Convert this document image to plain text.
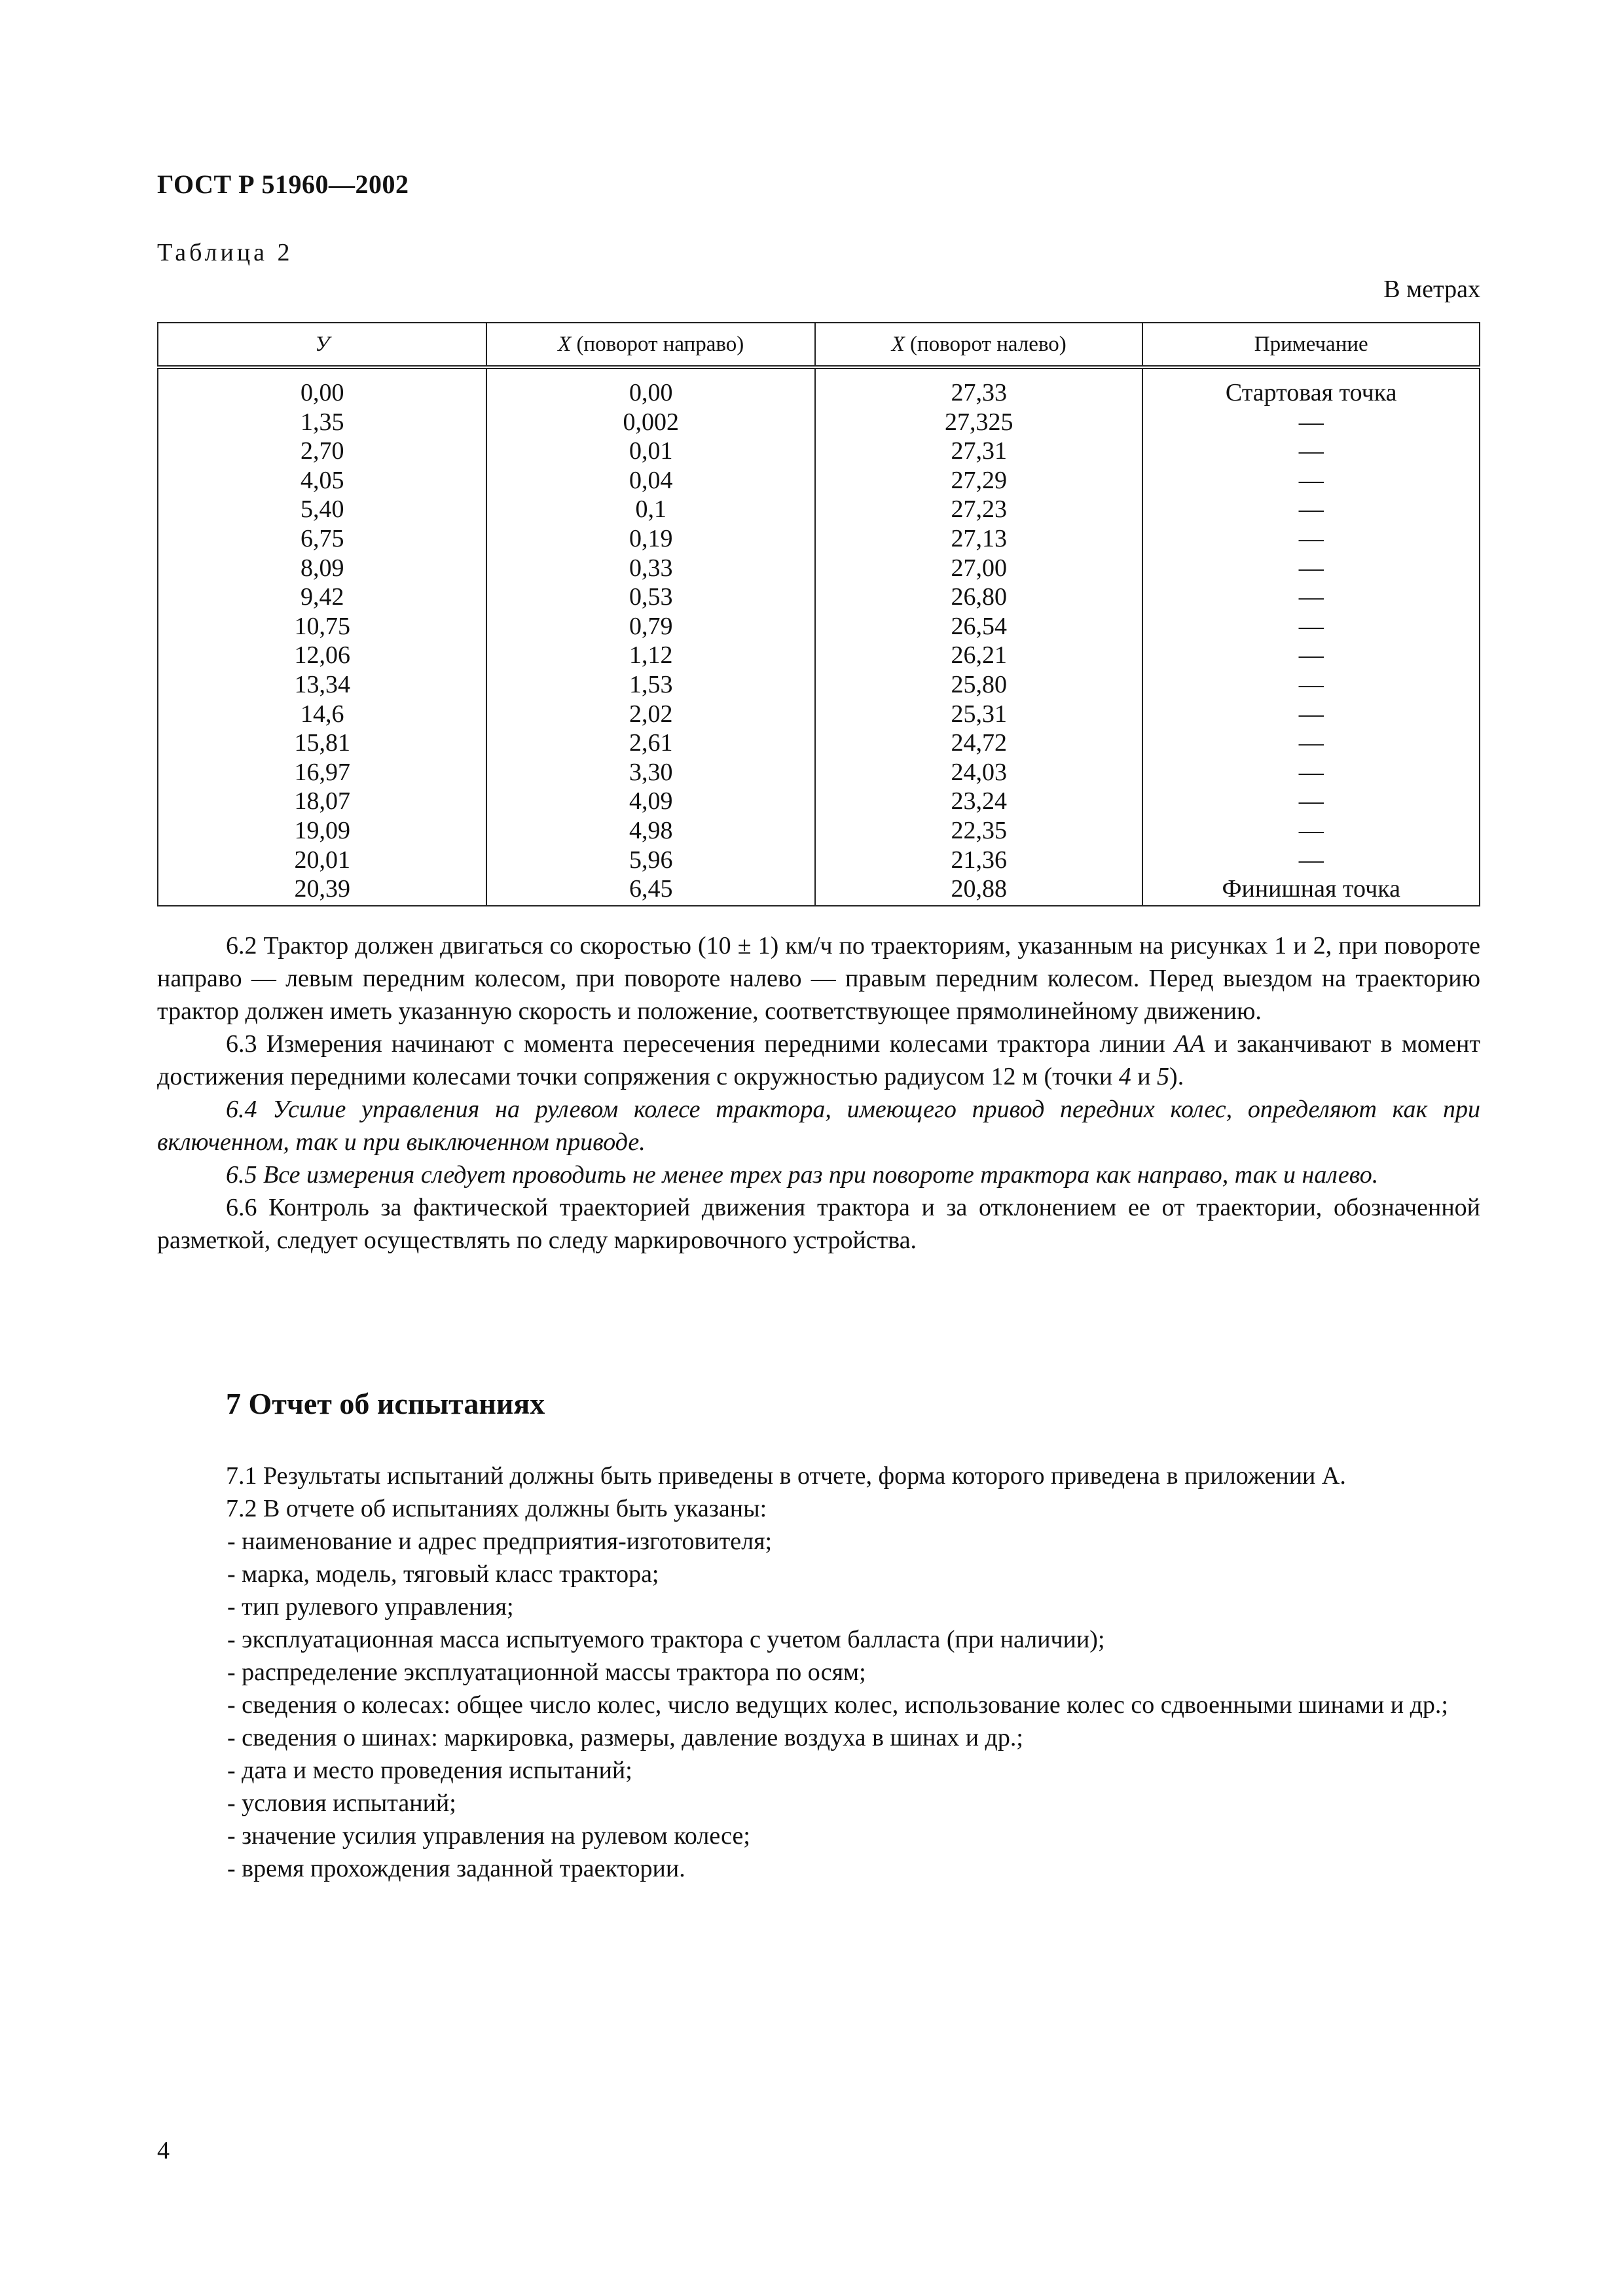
ГОСТ Р 51960—2002
Таблица 2
В метрах
У	X (поворот направо)	X (поворот налево)	Примечание
0,00	0,00	27,33	Стартовая точка
1,35	0,002	27,325	—
2,70	0,01	27,31	—
4,05	0,04	27,29	—
5,40	0,1	27,23	—
6,75	0,19	27,13	—
8,09	0,33	27,00	—
9,42	0,53	26,80	—
10,75	0,79	26,54	—
12,06	1,12	26,21	—
13,34	1,53	25,80	—
14,6	2,02	25,31	—
15,81	2,61	24,72	—
16,97	3,30	24,03	—
18,07	4,09	23,24	—
19,09	4,98	22,35	—
20,01	5,96	21,36	—
20,39	6,45	20,88	Финишная точка

6.2 Трактор должен двигаться со скоростью (10 ± 1) км/ч по траекториям, указанным на рисунках 1 и 2, при повороте направо — левым передним колесом, при повороте налево — правым передним колесом. Перед выездом на траекторию трактор должен иметь указанную скорость и положение, соответствующее прямолинейному движению.

6.3 Измерения начинают с момента пересечения передними колесами трактора линии АА и заканчивают в момент достижения передними колесами точки сопряжения с окружностью радиусом 12 м (точки 4 и 5).

6.4 Усилие управления на рулевом колесе трактора, имеющего привод передних колес, определяют как при включенном, так и при выключенном приводе.

6.5 Все измерения следует проводить не менее трех раз при повороте трактора как направо, так и налево.

6.6 Контроль за фактической траекторией движения трактора и за отклонением ее от траектории, обозначенной разметкой, следует осуществлять по следу маркировочного устройства.

7 Отчет об испытаниях

7.1 Результаты испытаний должны быть приведены в отчете, форма которого приведена в приложении А.

7.2 В отчете об испытаниях должны быть указаны:

- наименование и адрес предприятия-изготовителя;

- марка, модель, тяговый класс трактора;

- тип рулевого управления;

- эксплуатационная масса испытуемого трактора с учетом балласта (при наличии);

- распределение эксплуатационной массы трактора по осям;

- сведения о колесах: общее число колес, число ведущих колес, использование колес со сдвоенными шинами и др.;

- сведения о шинах: маркировка, размеры, давление воздуха в шинах и др.;

- дата и место проведения испытаний;

- условия испытаний;

- значение усилия управления на рулевом колесе;

- время прохождения заданной траектории.

4
